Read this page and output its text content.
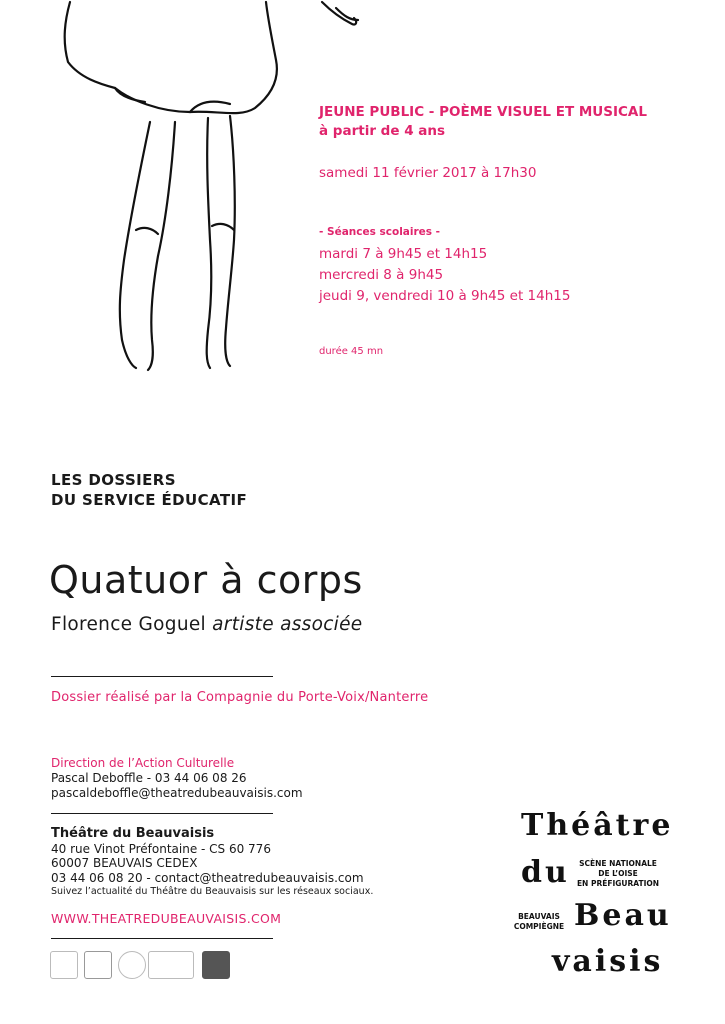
JEUNE PUBLIC - POÈME VISUEL ET MUSICAL
à partir de 4 ans
samedi 11 février 2017 à 17h30
- Séances scolaires -
mardi 7 à 9h45 et 14h15
mercredi 8 à 9h45
jeudi 9, vendredi 10 à 9h45 et 14h15
durée 45 mn
LES DOSSIERS
DU SERVICE ÉDUCATIF
Quatuor à corps
Florence Goguel artiste associée
Dossier réalisé par la Compagnie du Porte-Voix/Nanterre
Direction de l’Action Culturelle
Pascal Deboffle - 03 44 06 08 26
pascaldeboffle@theatredubeauvaisis.com
Théâtre du Beauvaisis
40 rue Vinot Préfontaine - CS 60 776
60007 BEAUVAIS CEDEX
03 44 06 08 20 - contact@theatredubeauvaisis.com
Suivez l’actualité du Théâtre du Beauvaisis sur les réseaux sociaux.
WWW.THEATREDUBEAUVAISIS.COM
Théâtre
du	SCÈNE NATIONALE
DE L’OISE
EN PRÉFIGURATION
BEAUVAIS
COMPIÈGNE Beau
vaisis
